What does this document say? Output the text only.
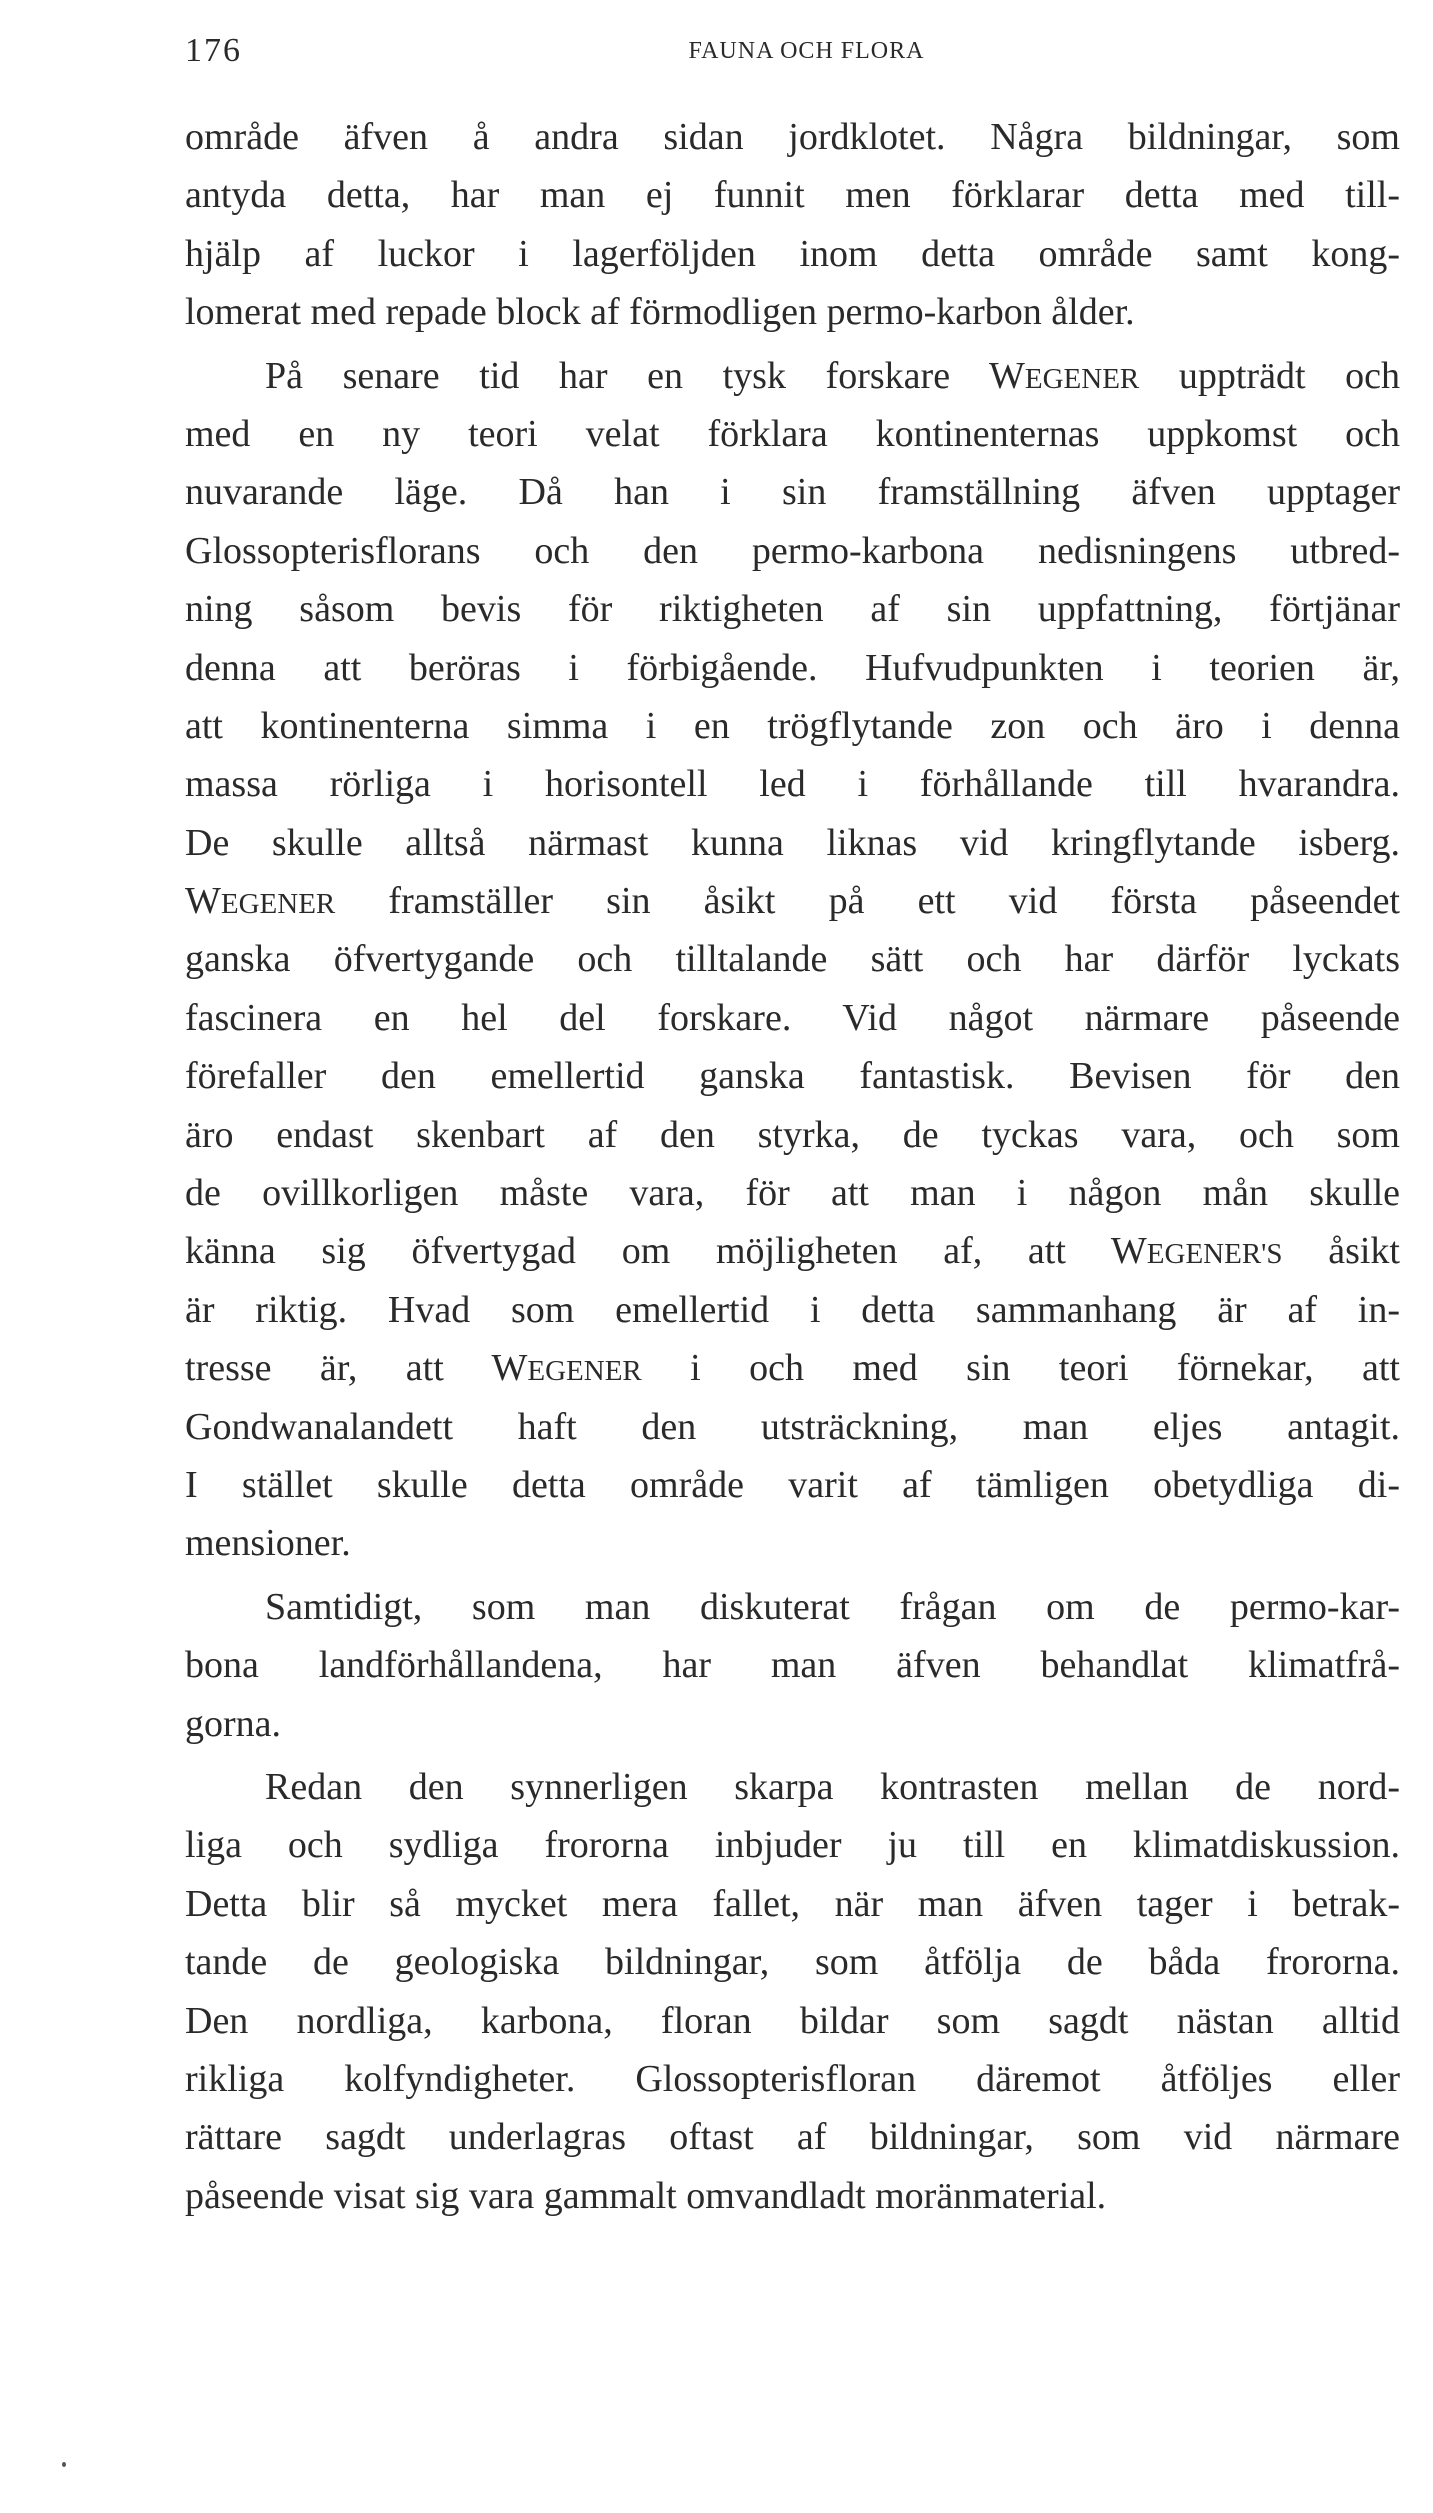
176	FAUNA OCH FLORA
område äfven å andra sidan jordklotet. Några bildningar, som
antyda detta, har man ej funnit men förklarar detta med till-
hjälp af luckor i lagerföljden inom detta område samt kong-
lomerat med repade block af förmodligen permo-karbon ålder.
På senare tid har en tysk forskare WEGENER uppträdt och
med en ny teori velat förklara kontinenternas uppkomst och
nuvarande läge. Då han i sin framställning äfven upptager
Glossopterisflorans och den permo-karbona nedisningens utbred-
ning såsom bevis för riktigheten af sin uppfattning, förtjänar
denna att beröras i förbigående. Hufvudpunkten i teorien är,
att kontinenterna simma i en trögflytande zon och äro i denna
massa rörliga i horisontell led i förhållande till hvarandra.
De skulle alltså närmast kunna liknas vid kringflytande isberg.
WEGENER framställer sin åsikt på ett vid första påseendet
ganska öfvertygande och tilltalande sätt och har därför lyckats
fascinera en hel del forskare. Vid något närmare påseende
förefaller den emellertid ganska fantastisk. Bevisen för den
äro endast skenbart af den styrka, de tyckas vara, och som
de ovillkorligen måste vara, för att man i någon mån skulle
känna sig öfvertygad om möjligheten af, att WEGENER'S åsikt
är riktig. Hvad som emellertid i detta sammanhang är af in-
tresse är, att WEGENER i och med sin teori förnekar, att
Gondwanalandett haft den utsträckning, man eljes antagit.
I stället skulle detta område varit af tämligen obetydliga di-
mensioner.
Samtidigt, som man diskuterat frågan om de permo-kar-
bona landförhållandena, har man äfven behandlat klimatfrå-
gorna.
Redan den synnerligen skarpa kontrasten mellan de nord-
liga och sydliga frororna inbjuder ju till en klimatdiskussion.
Detta blir så mycket mera fallet, när man äfven tager i betrak-
tande de geologiska bildningar, som åtfölja de båda frororna.
Den nordliga, karbona, floran bildar som sagdt nästan alltid
rikliga kolfyndigheter. Glossopterisfloran däremot åtföljes eller
rättare sagdt underlagras oftast af bildningar, som vid närmare
påseende visat sig vara gammalt omvandladt moränmaterial.
